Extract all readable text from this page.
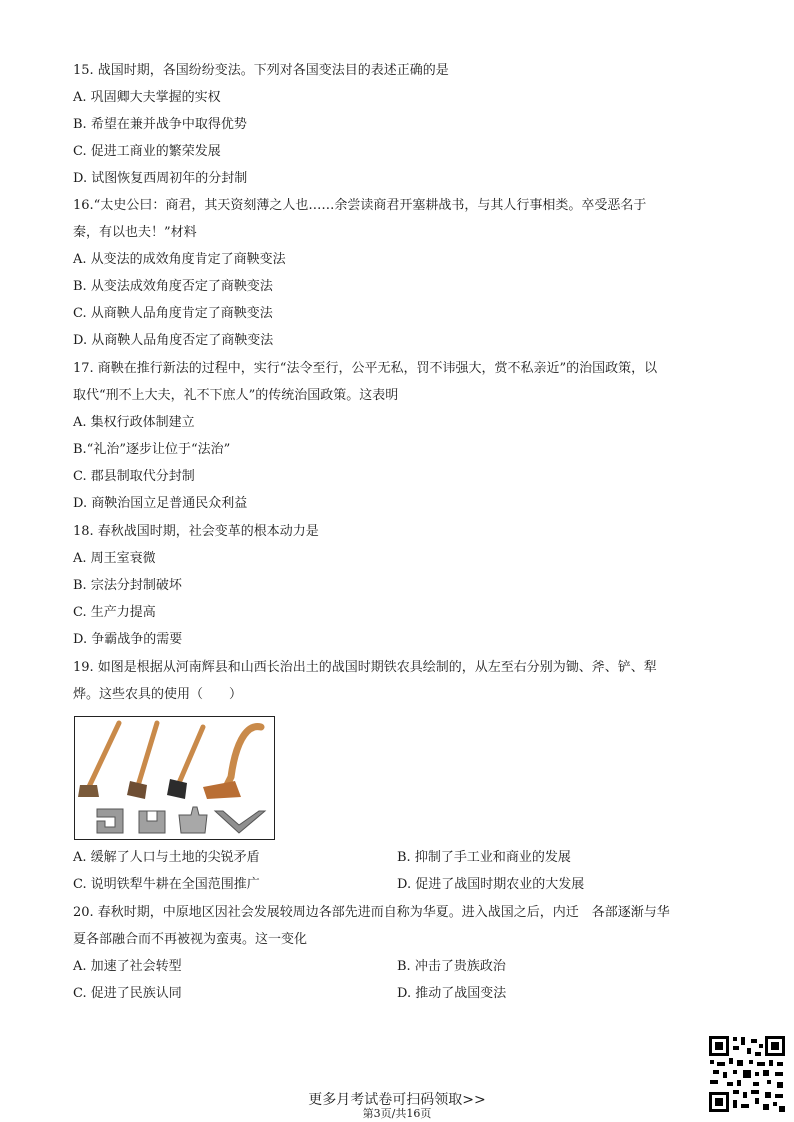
15. 战国时期，各国纷纷变法。下列对各国变法目的表述正确的是
A. 巩固卿大夫掌握的实权
B. 希望在兼并战争中取得优势
C. 促进工商业的繁荣发展
D. 试图恢复西周初年的分封制
16.“太史公曰：商君，其天资刻薄之人也……余尝读商君开塞耕战书，与其人行事相类。卒受恶名于
秦，有以也夫！”材料
A. 从变法的成效角度肯定了商鞅变法
B. 从变法成效角度否定了商鞅变法
C. 从商鞅人品角度肯定了商鞅变法
D. 从商鞅人品角度否定了商鞅变法
17. 商鞅在推行新法的过程中，实行“法令至行，公平无私，罚不讳强大，赏不私亲近”的治国政策，以
取代“刑不上大夫，礼不下庶人”的传统治国政策。这表明
A. 集权行政体制建立
B.“礼治”逐步让位于“法治”
C. 郡县制取代分封制
D. 商鞅治国立足普通民众利益
18. 春秋战国时期，社会变革的根本动力是
A. 周王室衰微
B. 宗法分封制破坏
C. 生产力提高
D. 争霸战争的需要
19. 如图是根据从河南辉县和山西长治出土的战国时期铁农具绘制的，从左至右分别为锄、斧、铲、犁
烨。这些农具的使用（　　）
A. 缓解了人口与土地的尖锐矛盾	B. 抑制了手工业和商业的发展
C. 说明铁犁牛耕在全国范围推广	D. 促进了战国时期农业的大发展
20. 春秋时期，中原地区因社会发展较周边各部先进而自称为华夏。进入战国之后，内迁　各部逐渐与华
夏各部融合而不再被视为蛮夷。这一变化
A. 加速了社会转型	B. 冲击了贵族政治
C. 促进了民族认同	D. 推动了战国变法
更多月考试卷可扫码领取>>
第3页/共16页
